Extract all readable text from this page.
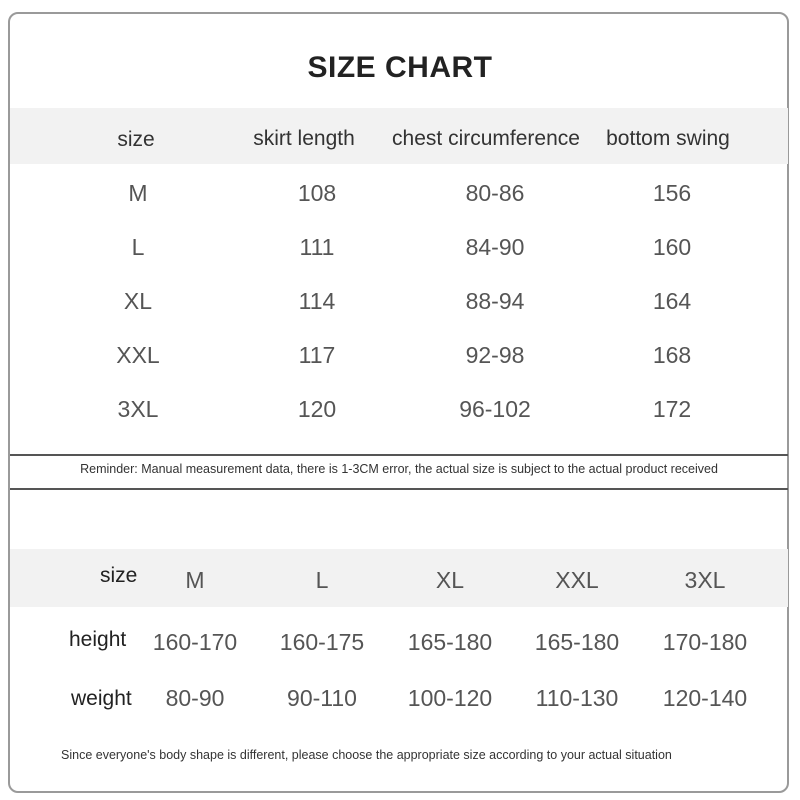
SIZE CHART
size	skirt length	chest circumference	bottom swing
M	108	80-86	156
L	111	84-90	160
XL	114	88-94	164
XXL	117	92-98	168
3XL	120	96-102	172
Reminder: Manual measurement data, there is 1-3CM error, the actual size is subject to the actual product received
size	M	L	XL	XXL	3XL
height	160-170	160-175	165-180	165-180	170-180
weight	80-90	90-110	100-120	110-130	120-140
Since everyone's body shape is different, please choose the appropriate size according to your actual situation
